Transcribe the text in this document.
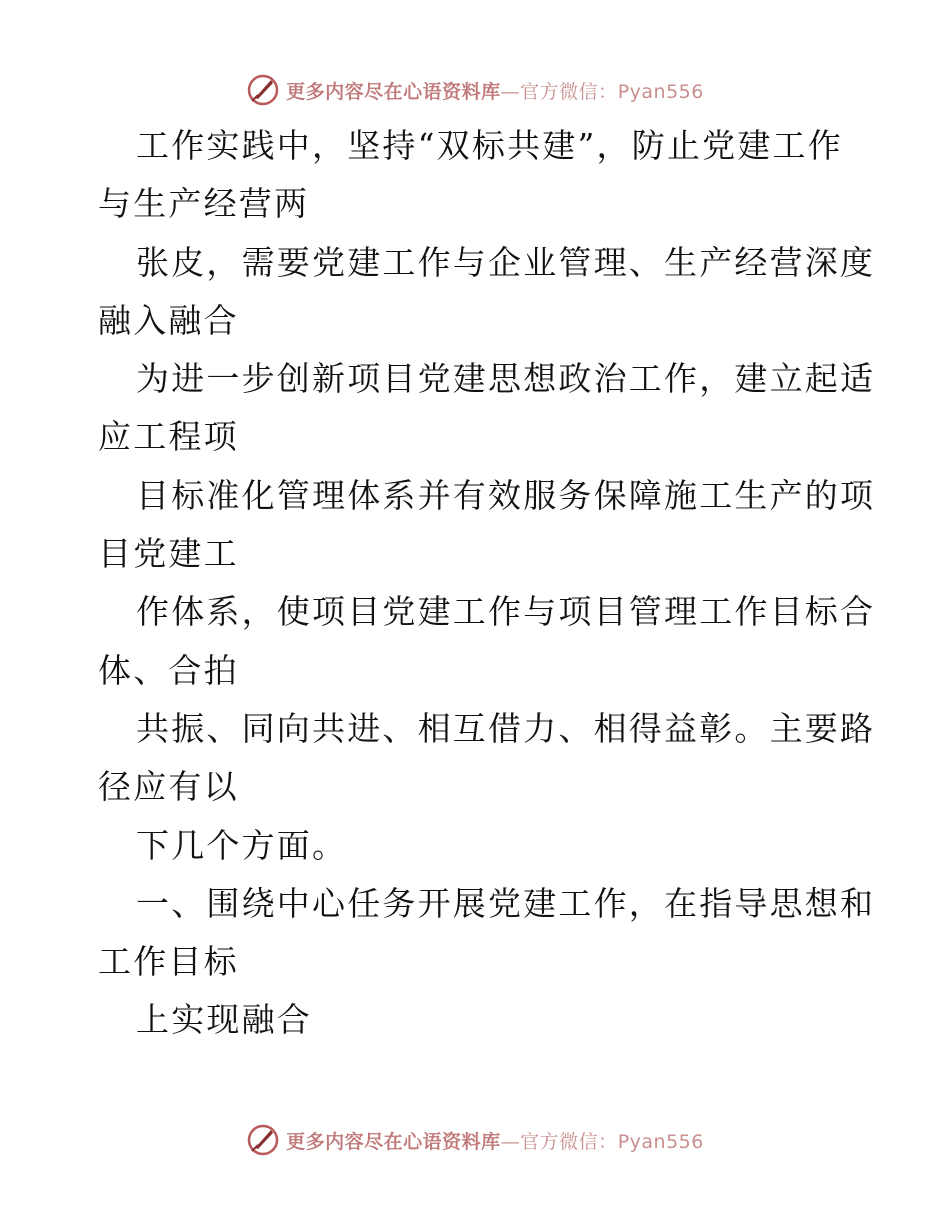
更多内容尽在心语资料库—官方微信：Pyan556
工作实践中，坚持“双标共建”，防止党建工作
与生产经营两
张皮，需要党建工作与企业管理、生产经营深度
融入融合
为进一步创新项目党建思想政治工作，建立起适
应工程项
目标准化管理体系并有效服务保障施工生产的项
目党建工
作体系，使项目党建工作与项目管理工作目标合
体、合拍
共振、同向共进、相互借力、相得益彰。主要路
径应有以
下几个方面。
一、围绕中心任务开展党建工作，在指导思想和
工作目标
上实现融合
更多内容尽在心语资料库—官方微信：Pyan556
